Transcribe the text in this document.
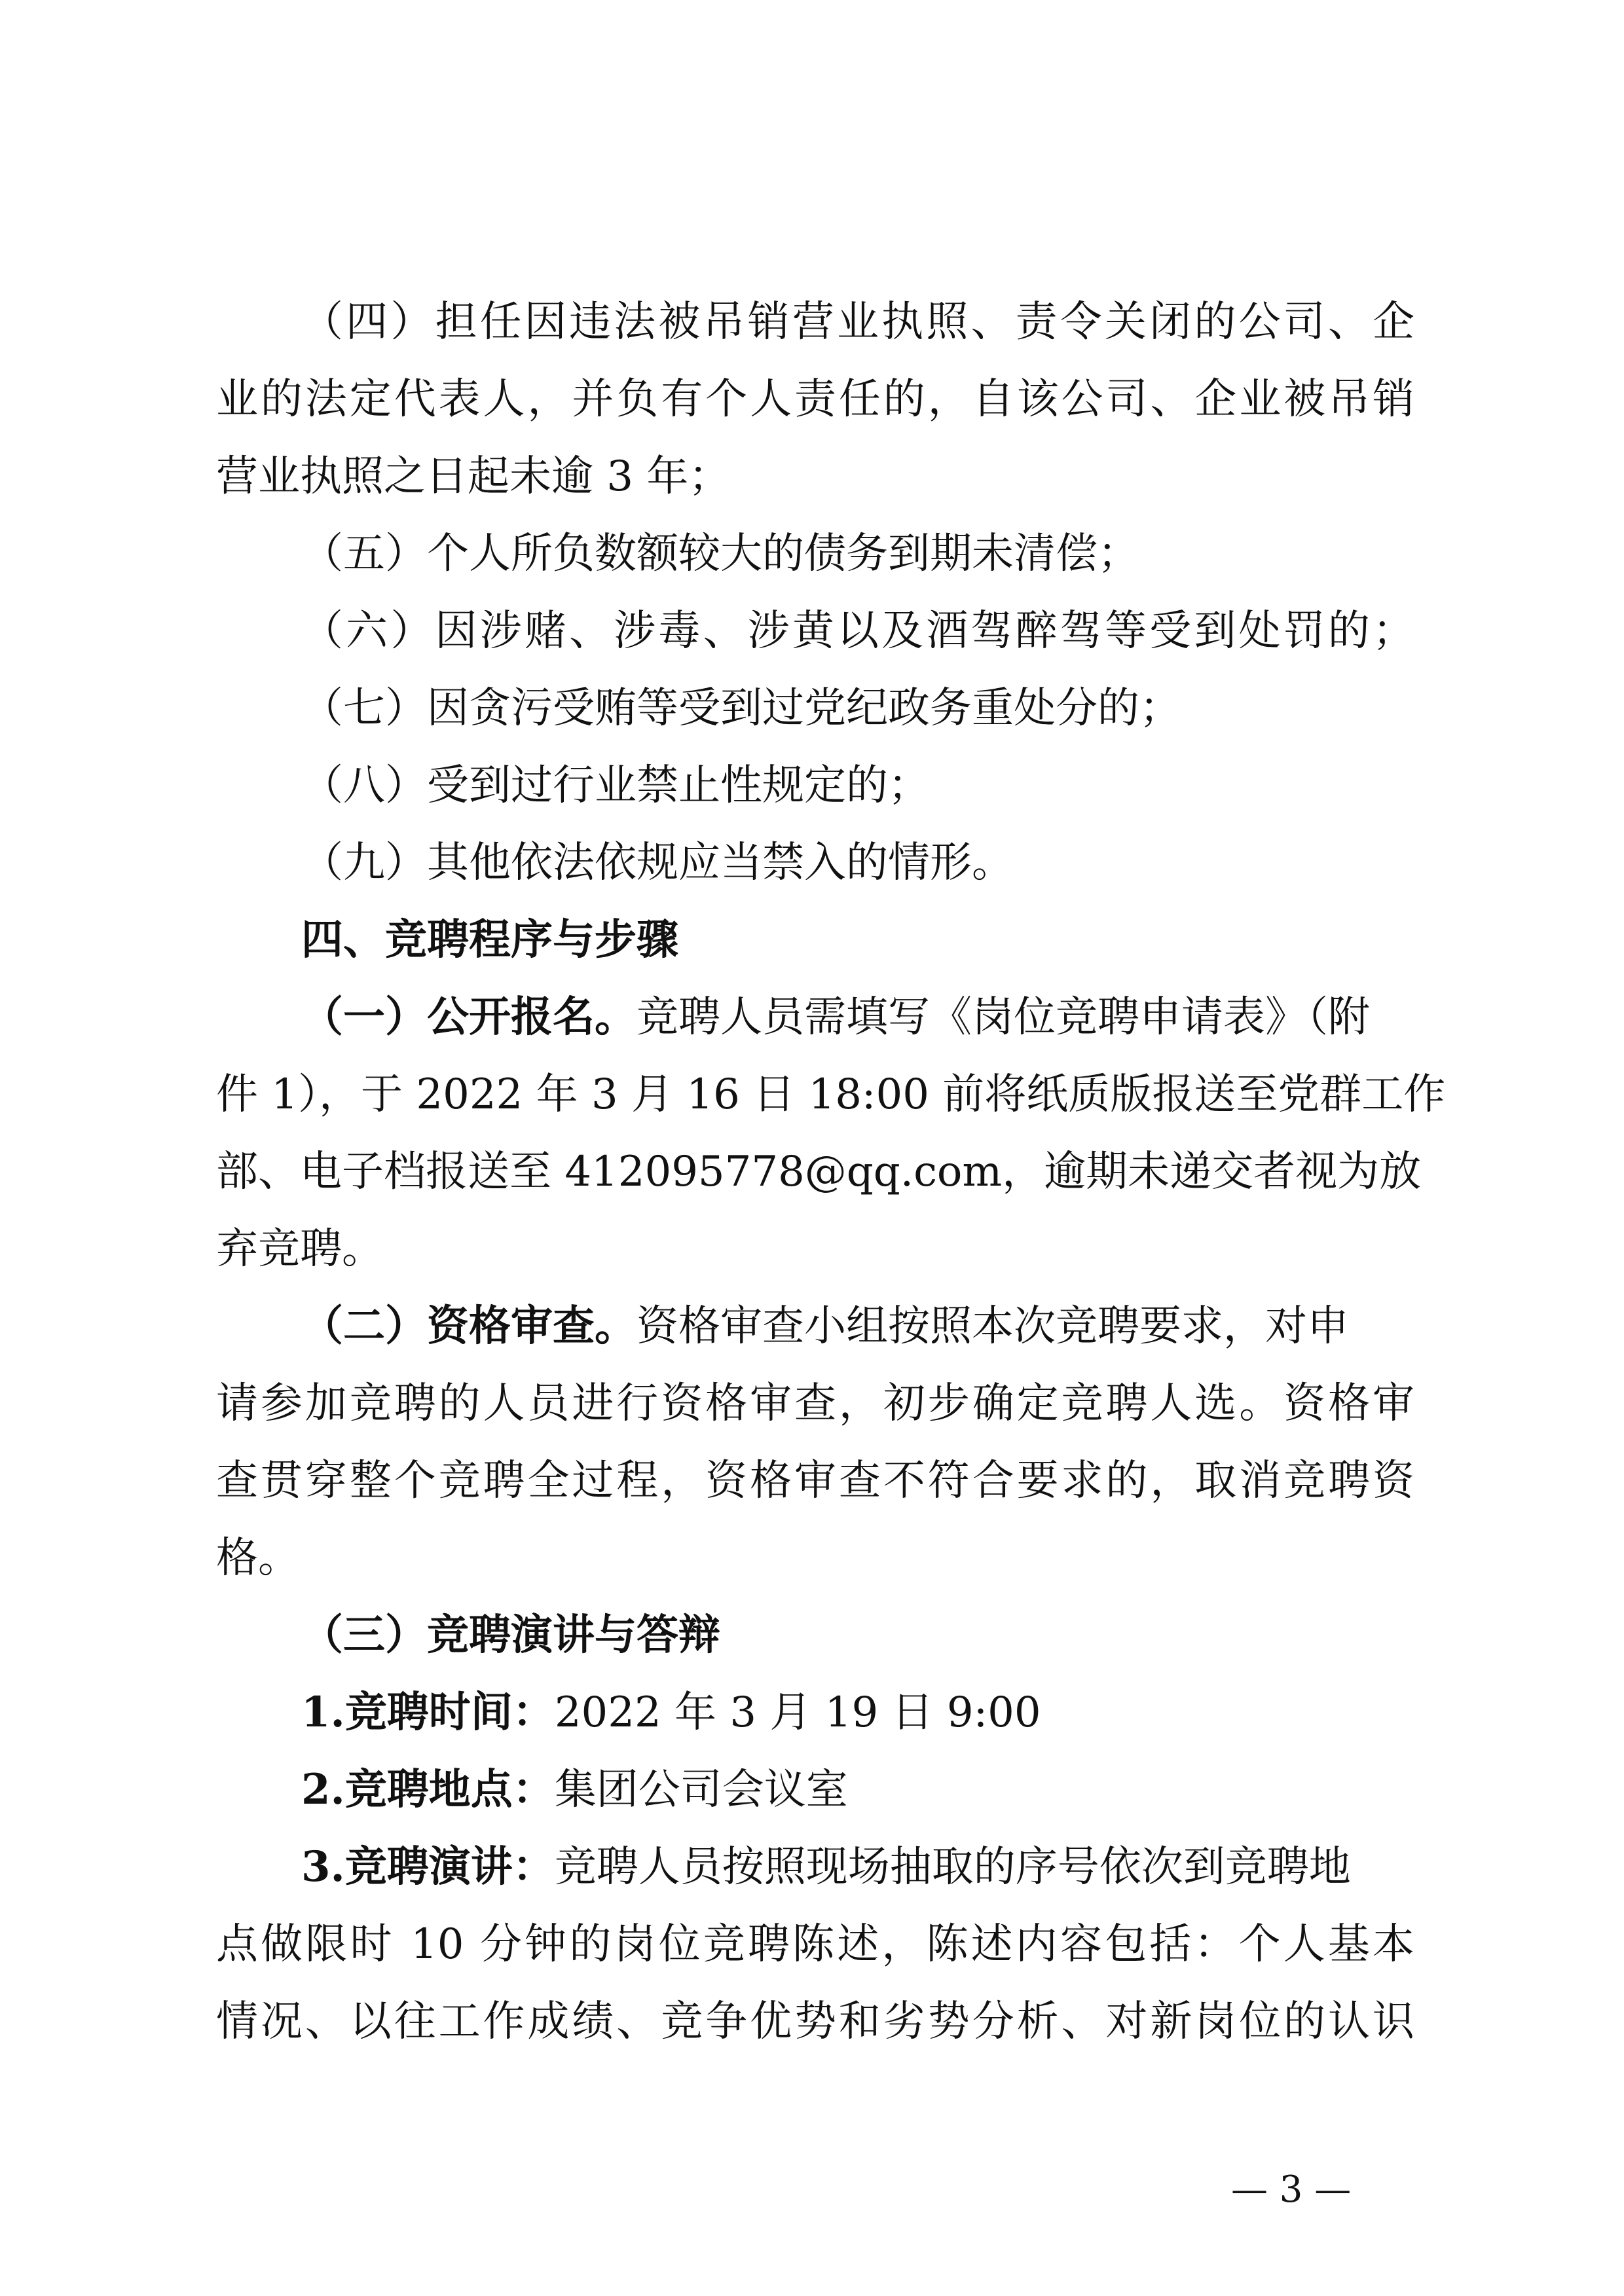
（四）担任因违法被吊销营业执照、责令关闭的公司、企
业的法定代表人，并负有个人责任的，自该公司、企业被吊销
营业执照之日起未逾 3 年；
（五）个人所负数额较大的债务到期未清偿；
（六）因涉赌、涉毒、涉黄以及酒驾醉驾等受到处罚的；
（七）因贪污受贿等受到过党纪政务重处分的；
（八）受到过行业禁止性规定的；
（九）其他依法依规应当禁入的情形。
四、竞聘程序与步骤
（一）公开报名。竞聘人员需填写《岗位竞聘申请表》（附
件 1），于 2022 年 3 月 16 日 18:00 前将纸质版报送至党群工作
部、电子档报送至 412095778@qq.com，逾期未递交者视为放
弃竞聘。
（二）资格审查。资格审查小组按照本次竞聘要求，对申
请参加竞聘的人员进行资格审查，初步确定竞聘人选。资格审
查贯穿整个竞聘全过程，资格审查不符合要求的，取消竞聘资
格。
（三）竞聘演讲与答辩
1.竞聘时间：2022 年 3 月 19 日 9:00
2.竞聘地点：集团公司会议室
3.竞聘演讲：竞聘人员按照现场抽取的序号依次到竞聘地
点做限时 10 分钟的岗位竞聘陈述，陈述内容包括：个人基本
情况、以往工作成绩、竞争优势和劣势分析、对新岗位的认识
— 3 —
